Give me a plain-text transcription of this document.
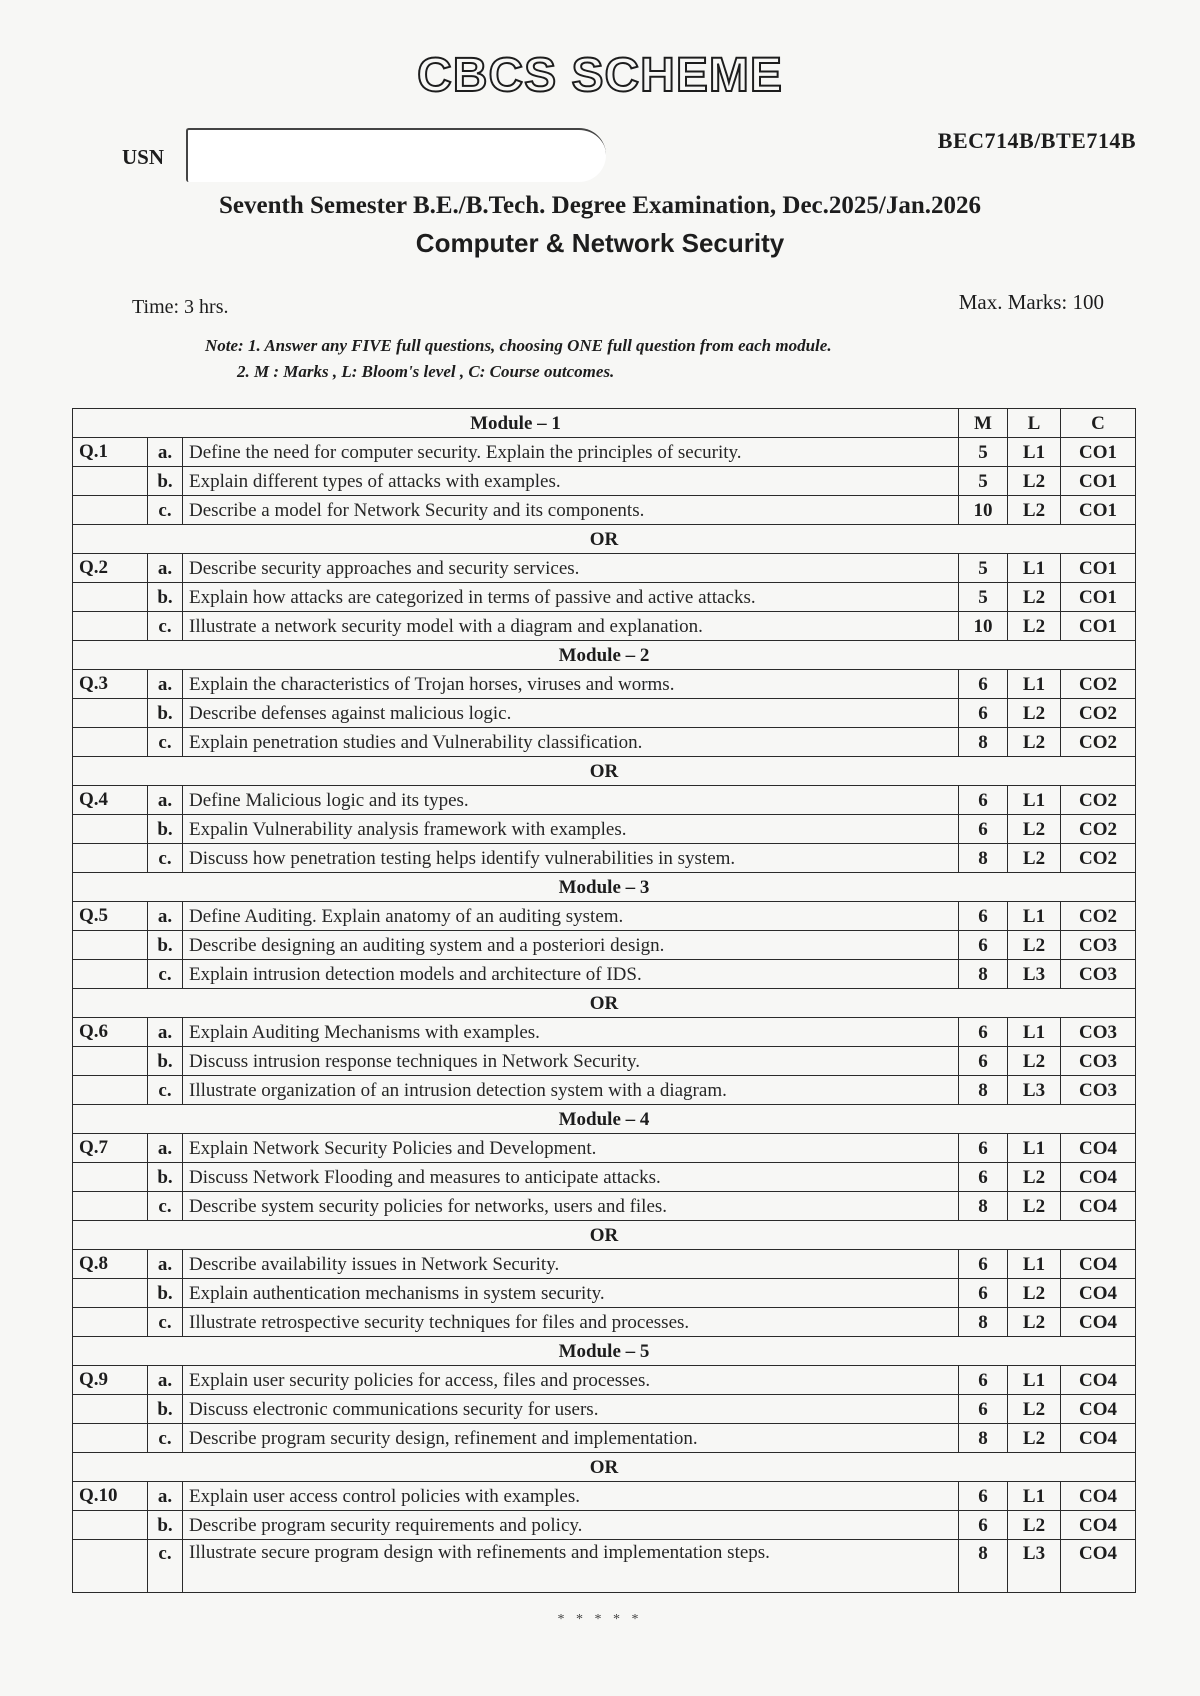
CBCS SCHEME
USN
BEC714B/BTE714B
Seventh Semester B.E./B.Tech. Degree Examination, Dec.2025/Jan.2026
Computer & Network Security
Time: 3 hrs.	Max. Marks: 100
Note: 1. Answer any FIVE full questions, choosing ONE full question from each module.
2. M : Marks , L: Bloom's level , C: Course outcomes.
Module – 1			M	L	C
Q.1	a.	Define the need for computer security. Explain the principles of security.	5	L1	CO1
	b.	Explain different types of attacks with examples.	5	L2	CO1
	c.	Describe a model for Network Security and its components.	10	L2	CO1
OR					
Q.2	a.	Describe security approaches and security services.	5	L1	CO1
	b.	Explain how attacks are categorized in terms of passive and active attacks.	5	L2	CO1
	c.	Illustrate a network security model with a diagram and explanation.	10	L2	CO1
Module – 2					
Q.3	a.	Explain the characteristics of Trojan horses, viruses and worms.	6	L1	CO2
	b.	Describe defenses against malicious logic.	6	L2	CO2
	c.	Explain penetration studies and Vulnerability classification.	8	L2	CO2
OR					
Q.4	a.	Define Malicious logic and its types.	6	L1	CO2
	b.	Expalin Vulnerability analysis framework with examples.	6	L2	CO2
	c.	Discuss how penetration testing helps identify vulnerabilities in system.	8	L2	CO2
Module – 3					
Q.5	a.	Define Auditing. Explain anatomy of an auditing system.	6	L1	CO2
	b.	Describe designing an auditing system and a posteriori design.	6	L2	CO3
	c.	Explain intrusion detection models and architecture of IDS.	8	L3	CO3
OR					
Q.6	a.	Explain Auditing Mechanisms with examples.	6	L1	CO3
	b.	Discuss intrusion response techniques in Network Security.	6	L2	CO3
	c.	Illustrate organization of an intrusion detection system with a diagram.	8	L3	CO3
Module – 4					
Q.7	a.	Explain Network Security Policies and Development.	6	L1	CO4
	b.	Discuss Network Flooding and measures to anticipate attacks.	6	L2	CO4
	c.	Describe system security policies for networks, users and files.	8	L2	CO4
OR					
Q.8	a.	Describe availability issues in Network Security.	6	L1	CO4
	b.	Explain authentication mechanisms in system security.	6	L2	CO4
	c.	Illustrate retrospective security techniques for files and processes.	8	L2	CO4
Module – 5					
Q.9	a.	Explain user security policies for access, files and processes.	6	L1	CO4
	b.	Discuss electronic communications security for users.	6	L2	CO4
	c.	Describe program security design, refinement and implementation.	8	L2	CO4
OR					
Q.10	a.	Explain user access control policies with examples.	6	L1	CO4
	b.	Describe program security requirements and policy.	6	L2	CO4
	c.	Illustrate secure program design with refinements and implementation steps.	8	L3	CO4
* * * * *
